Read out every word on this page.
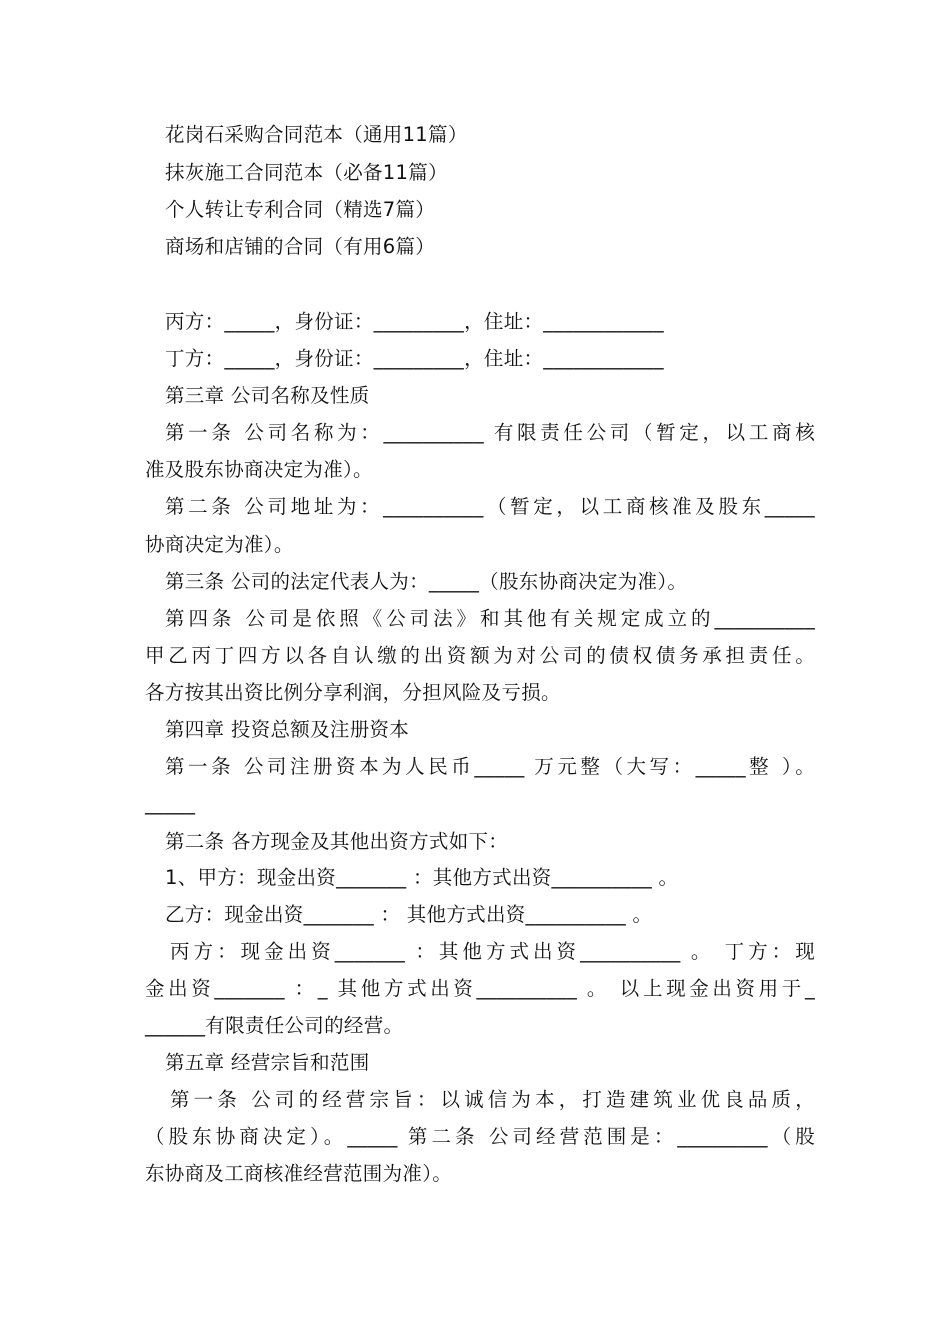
花岗石采购合同范本（通用11篇）
抹灰施工合同范本（必备11篇）
个人转让专利合同（精选7篇）
商场和店铺的合同（有用6篇）
丙方：_____，身份证：_________，住址：____________
丁方：_____，身份证：_________，住址：____________
第三章 公司名称及性质
第一条 公司名称为：__________ 有限责任公司（暂定，以工商核
准及股东协商决定为准）。
第二条 公司地址为：__________（暂定，以工商核准及股东_____
协商决定为准）。
第三条 公司的法定代表人为：_____（股东协商决定为准）。
第四条 公司是依照《公司法》和其他有关规定成立的__________
甲乙丙丁四方以各自认缴的出资额为对公司的债权债务承担责任。
各方按其出资比例分享利润，分担风险及亏损。
第四章 投资总额及注册资本
第一条 公司注册资本为人民币_____ 万元整（大写：_____整 ）。
_____
第二条 各方现金及其他出资方式如下：
1、甲方：现金出资_______ ：其他方式出资__________ 。
乙方：现金出资_______ ： 其他方式出资__________ 。
丙方：现金出资_______ ：其他方式出资__________ 。 丁方：现
金出资_______ ：_ 其他方式出资__________ 。 以上现金出资用于_
______有限责任公司的经营。
第五章 经营宗旨和范围
第一条 公司的经营宗旨：以诚信为本，打造建筑业优良品质，
（股东协商决定）。_____ 第二条 公司经营范围是：_________（股
东协商及工商核准经营范围为准）。
